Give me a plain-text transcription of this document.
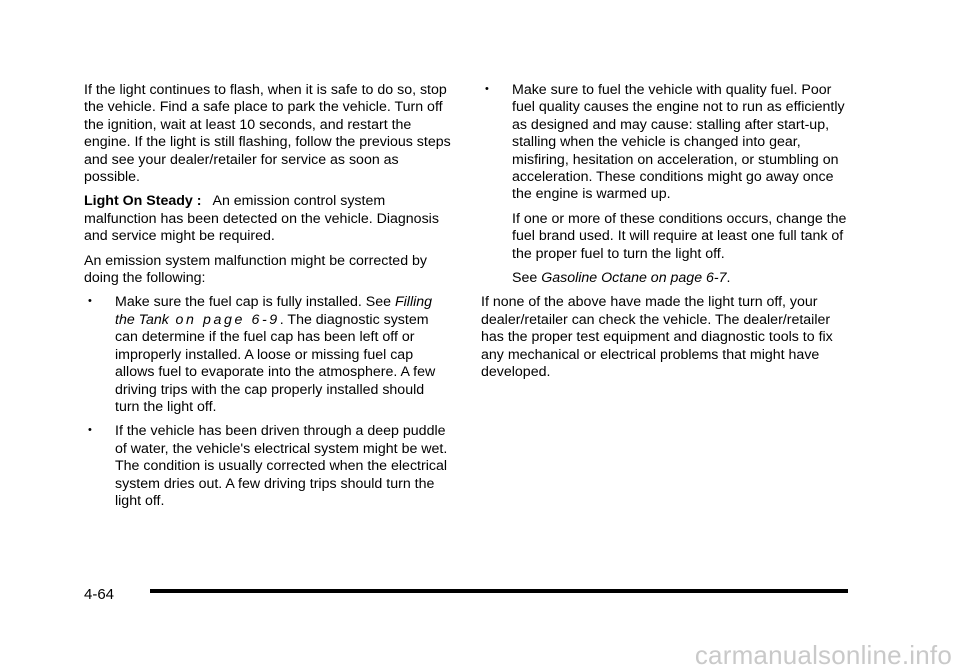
If the light continues to flash, when it is safe to do so, stop the vehicle. Find a safe place to park the vehicle. Turn off the ignition, wait at least 10 seconds, and restart the engine. If the light is still flashing, follow the previous steps and see your dealer/retailer for service as soon as possible.

Light On Steady : An emission control system malfunction has been detected on the vehicle. Diagnosis and service might be required.

An emission system malfunction might be corrected by doing the following:

• Make sure the fuel cap is fully installed. See Filling the Tank on page 6-9. The diagnostic system can determine if the fuel cap has been left off or improperly installed. A loose or missing fuel cap allows fuel to evaporate into the atmosphere. A few driving trips with the cap properly installed should turn the light off.
• If the vehicle has been driven through a deep puddle of water, the vehicle's electrical system might be wet. The condition is usually corrected when the electrical system dries out. A few driving trips should turn the light off.
• Make sure to fuel the vehicle with quality fuel. Poor fuel quality causes the engine not to run as efficiently as designed and may cause: stalling after start-up, stalling when the vehicle is changed into gear, misfiring, hesitation on acceleration, or stumbling on acceleration. These conditions might go away once the engine is warmed up.

If one or more of these conditions occurs, change the fuel brand used. It will require at least one full tank of the proper fuel to turn the light off.

See Gasoline Octane on page 6-7.

If none of the above have made the light turn off, your dealer/retailer can check the vehicle. The dealer/retailer has the proper test equipment and diagnostic tools to fix any mechanical or electrical problems that might have developed.

4-64
carmanualsonline.info
